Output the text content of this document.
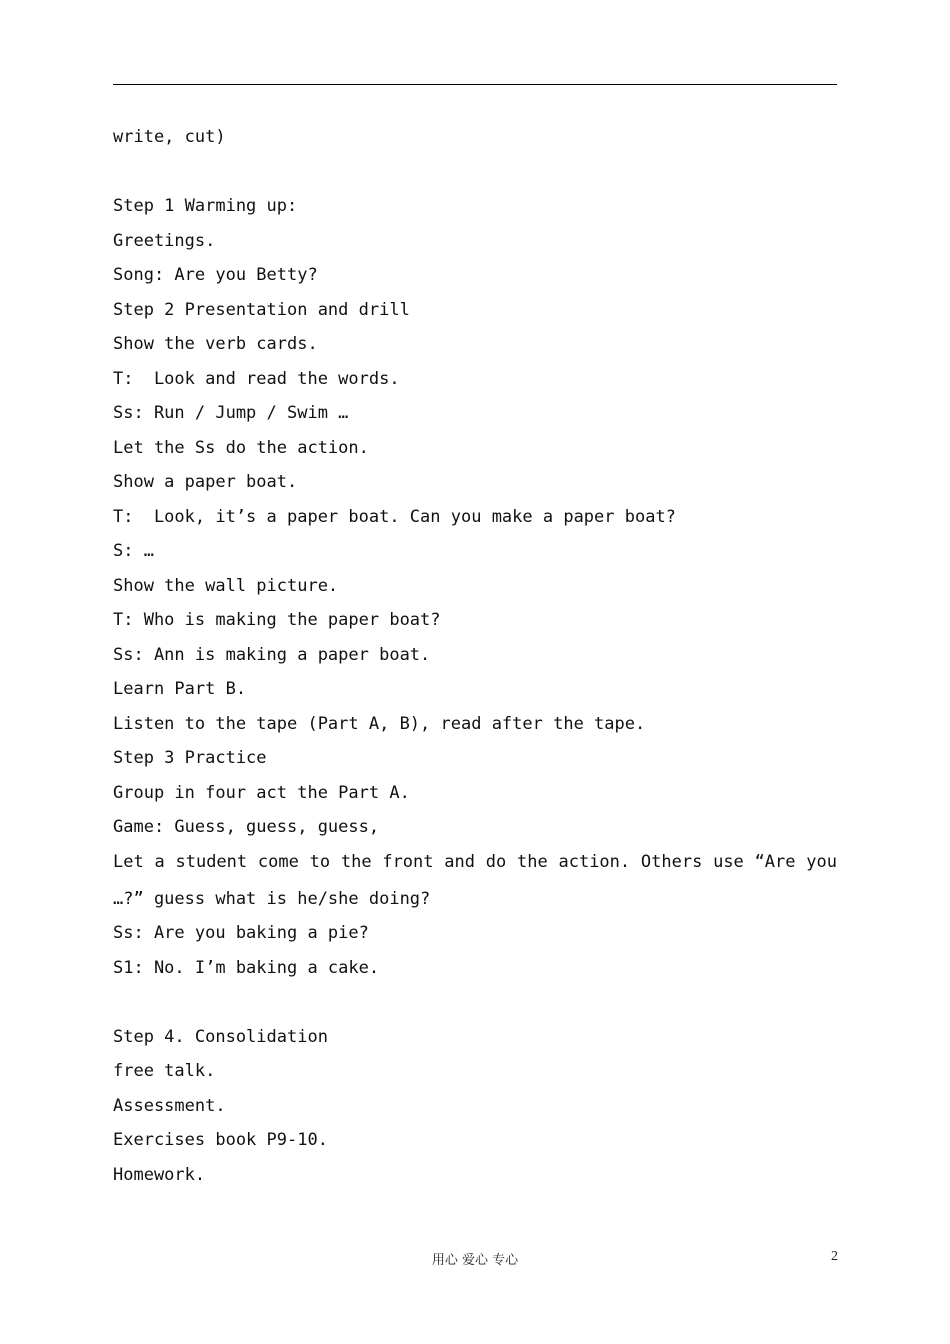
write, cut)
Step 1 Warming up:
Greetings.
Song: Are you Betty?
Step 2 Presentation and drill
Show the verb cards.
T:  Look and read the words.
Ss: Run / Jump / Swim …
Let the Ss do the action.
Show a paper boat.
T:  Look, it’s a paper boat. Can you make a paper boat?
S: …
Show the wall picture.
T: Who is making the paper boat?
Ss: Ann is making a paper boat.
Learn Part B.
Listen to the tape (Part A, B), read after the tape.
Step 3 Practice
Group in four act the Part A.
Game: Guess, guess, guess,
Let a student come to the front and do the action. Others use “Are you
…?” guess what is he/she doing?
Ss: Are you baking a pie?
S1: No. I’m baking a cake.
Step 4. Consolidation
free talk.
Assessment.
Exercises book P9-10.
Homework.
用心 爱心 专心	2
